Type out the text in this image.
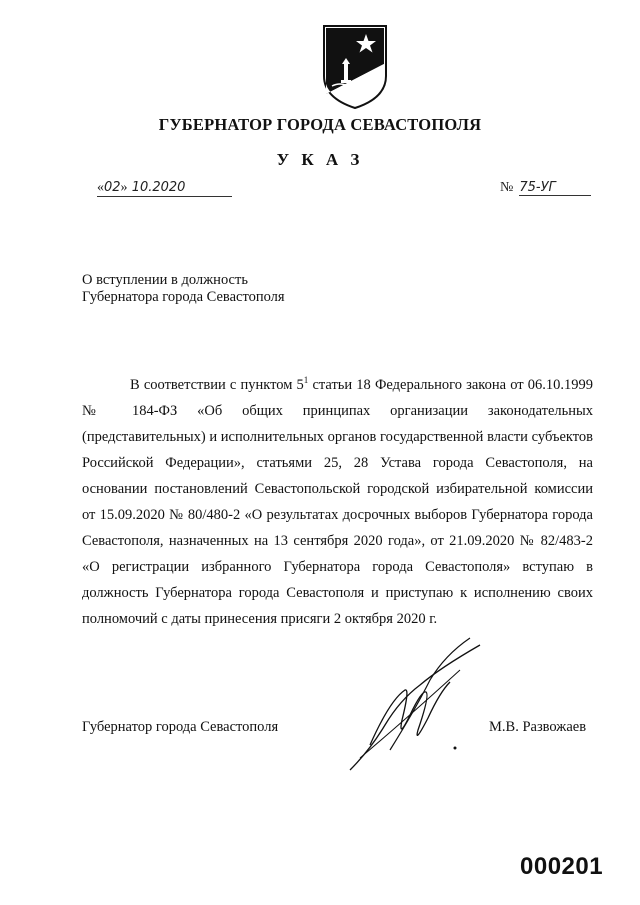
ГУБЕРНАТОР ГОРОДА СЕВАСТОПОЛЯ
У К А З
«02» 10.2020	№ 75-УГ
О вступлении в должность
Губернатора города Севастополя
В соответствии с пунктом $5^1$ статьи 18 Федерального закона от 06.10.1999 № 184-ФЗ «Об общих принципах организации законодательных (представительных) и исполнительных органов государственной власти субъектов Российской Федерации», статьями 25, 28 Устава города Севастополя, на основании постановлений Севастопольской городской избирательной комиссии от 15.09.2020 № 80/480-2 «О результатах досрочных выборов Губернатора города Севастополя, назначенных на 13 сентября 2020 года», от 21.09.2020 № 82/483-2 «О регистрации избранного Губернатора города Севастополя» вступаю в должность Губернатора города Севастополя и приступаю к исполнению своих полномочий с даты принесения присяги 2 октября 2020 г.
Губернатор города Севастополя	М.В. Развожаев
000201
